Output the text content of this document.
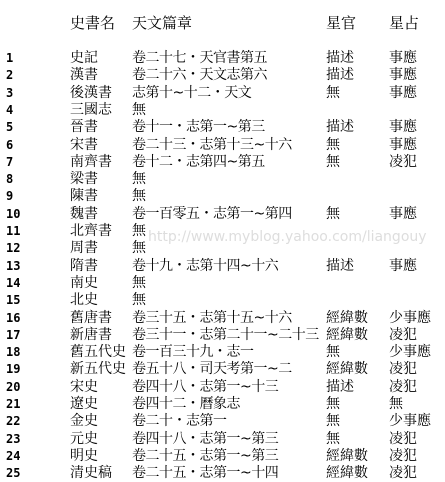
史書名 天文篇章	星官 星占
1	史記 卷二十七・天官書第五	描述	事應
2	漢書 卷二十六・天文志第六	描述	事應
3	後漢書 志第十~十二・天文	無	事應
4	三國志 無
5	晉書 卷十一・志第一~第三	描述	事應
6	宋書 卷二十三・志第十三~十六 無	事應
7	南齊書 卷十二・志第四~第五	無	凌犯
8	梁書 無
9	陳書 無
10	魏書 卷一百零五・志第一~第四 無	事應
11	北齊書 無
12	周書 無
13	隋書 卷十九・志第十四~十六	描述	事應
14	南史 無
15	北史 無
16	舊唐書 卷三十五・志第十五~十六 經緯數 少事應
17	新唐書 卷三十一・志第二十一~二十三 經緯數 凌犯
18	舊五代史 卷一百三十九・志一	無	少事應
19	新五代史 卷五十八・司天考第一~二 經緯數 凌犯
20	宋史 卷四十八・志第一~十三	描述	凌犯
21	遼史 卷四十二・曆象志	無	無
22	金史 卷二十・志第一	無	少事應
23	元史 卷四十八・志第一~第三	無	凌犯
24	明史 卷二十五・志第一~第三	經緯數 凌犯
25	清史稿 卷二十五・志第一~十四	經緯數 凌犯
http://www.myblog.yahoo.com/liangouy
